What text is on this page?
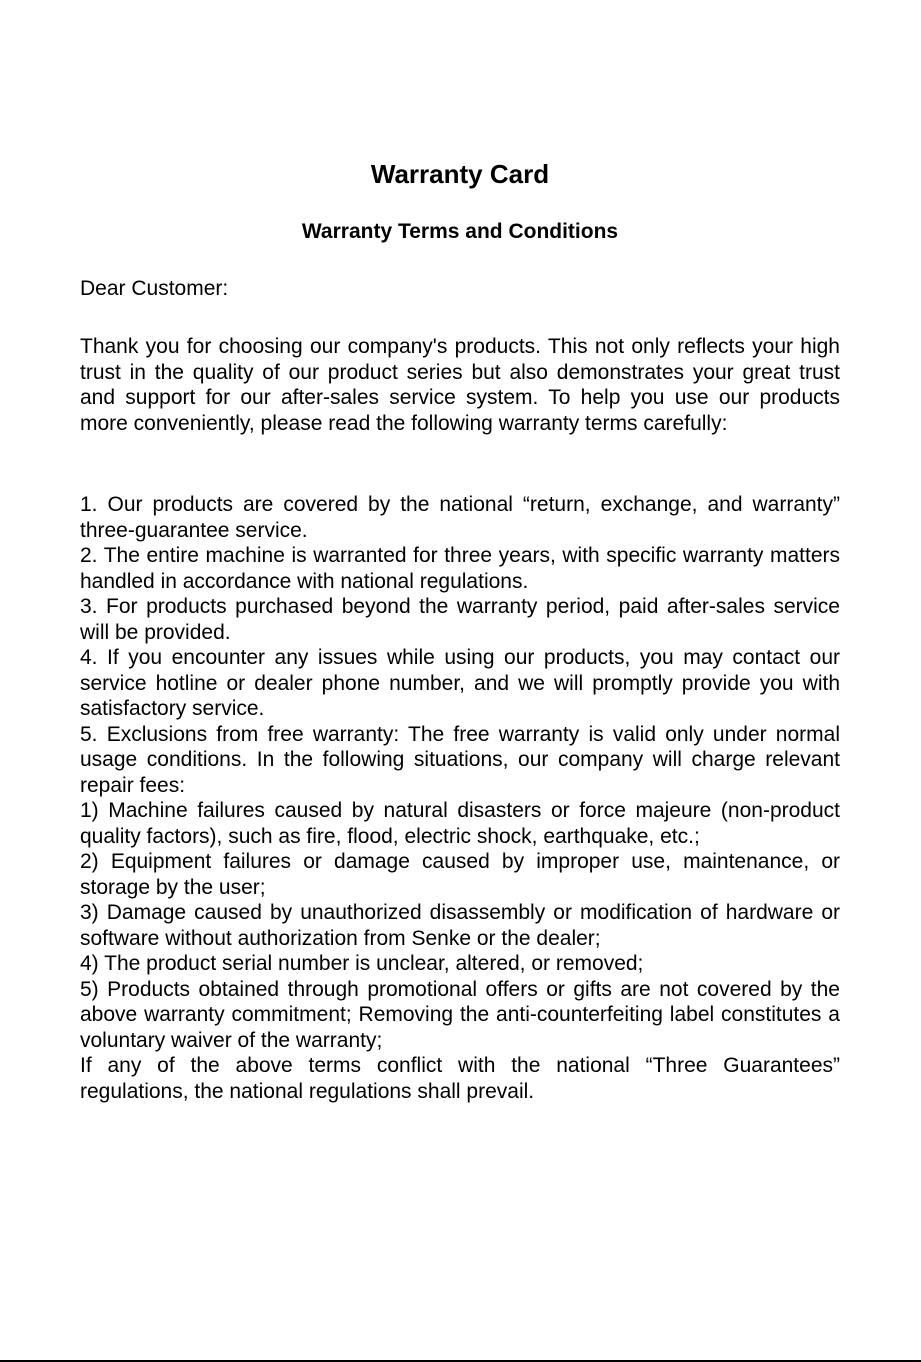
Warranty Card
Warranty Terms and Conditions

Dear Customer:

Thank you for choosing our company's products. This not only reflects your high trust in the quality of our product series but also demonstrates your great trust and support for our after-sales service system. To help you use our products more conveniently, please read the following warranty terms carefully:

1. Our products are covered by the national “return, exchange, and warranty” three-guarantee service.
2. The entire machine is warranted for three years, with specific warranty matters handled in accordance with national regulations.
3. For products purchased beyond the warranty period, paid after-sales service will be provided.
4. If you encounter any issues while using our products, you may contact our service hotline or dealer phone number, and we will promptly provide you with satisfactory service.
5. Exclusions from free warranty: The free warranty is valid only under normal usage conditions. In the following situations, our company will charge relevant repair fees:
1) Machine failures caused by natural disasters or force majeure (non-product quality factors), such as fire, flood, electric shock, earthquake, etc.;
2) Equipment failures or damage caused by improper use, maintenance, or storage by the user;
3) Damage caused by unauthorized disassembly or modification of hardware or software without authorization from Senke or the dealer;
4) The product serial number is unclear, altered, or removed;
5) Products obtained through promotional offers or gifts are not covered by the above warranty commitment; Removing the anti-counterfeiting label constitutes a voluntary waiver of the warranty;
If any of the above terms conflict with the national “Three Guarantees” regulations, the national regulations shall prevail.
